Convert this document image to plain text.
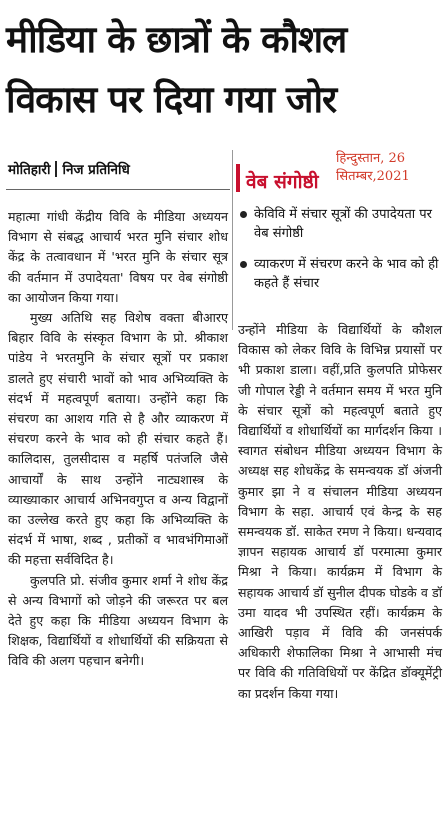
मीडिया के छात्रों के कौशल
विकास पर दिया गया जोर
मोतिहारी निज प्रतिनिधि
हिन्दुस्तान, 26
सितम्बर,2021
वेब संगोष्ठी
केविवि में संचार सूत्रों की उपादेयता पर वेब संगोष्ठी
व्याकरण में संचरण करने के भाव को ही कहते हैं संचार

महात्मा गांधी केंद्रीय विवि के मीडिया अध्ययन विभाग से संबद्ध आचार्य भरत मुनि संचार शोध केंद्र के तत्वावधान में 'भरत मुनि के संचार सूत्र की वर्तमान में उपादेयता' विषय पर वेब संगोष्ठी का आयोजन किया गया।

मुख्य अतिथि सह विशेष वक्ता बीआरए बिहार विवि के संस्कृत विभाग के प्रो. श्रीकाश पांडेय ने भरतमुनि के संचार सूत्रों पर प्रकाश डालते हुए संचारी भावों को भाव अभिव्यक्ति के संदर्भ में महत्वपूर्ण बताया। उन्होंने कहा कि संचरण का आशय गति से है और व्याकरण में संचरण करने के भाव को ही संचार कहते हैं।कालिदास, तुलसीदास व महर्षि पतंजलि जैसे आचार्यों के साथ उन्होंने नाट्यशास्त्र के व्याख्याकार आचार्य अभिनवगुप्त व अन्य विद्वानों का उल्लेख करते हुए कहा कि अभिव्यक्ति के संदर्भ में भाषा, शब्द , प्रतीकों व भावभंगिमाओं की महत्ता सर्वविदित है।

कुलपति प्रो. संजीव कुमार शर्मा ने शोध केंद्र से अन्य विभागों को जोड़ने की जरूरत पर बल देते हुए कहा कि मीडिया अध्ययन विभाग के शिक्षक, विद्यार्थियों व शोधार्थियों की सक्रियता से विवि की अलग पहचान बनेगी।

उन्होंने मीडिया के विद्यार्थियों के कौशल विकास को लेकर विवि के विभिन्न प्रयासों पर भी प्रकाश डाला। वहीं,प्रति कुलपति प्रोफेसर जी गोपाल रेड्डी ने वर्तमान समय में भरत मुनि के संचार सूत्रों को महत्वपूर्ण बताते हुए विद्यार्थियों व शोधार्थियों का मार्गदर्शन किया । स्वागत संबोधन मीडिया अध्ययन विभाग के अध्यक्ष सह शोधकेंद्र के समन्वयक डॉ अंजनी कुमार झा ने व संचालन मीडिया अध्ययन विभाग के सहा. आचार्य एवं केन्द्र के सह समन्वयक डॉ. साकेत रमण ने किया। धन्यवाद ज्ञापन सहायक आचार्य डॉ परमात्मा कुमार मिश्रा ने किया। कार्यक्रम में विभाग के सहायक आचार्य डॉ सुनील दीपक घोडके व डॉ उमा यादव भी उपस्थित रहीं। कार्यक्रम के आखिरी पड़ाव में विवि की जनसंपर्क अधिकारी शेफालिका मिश्रा ने आभासी मंच पर विवि की गतिविधियों पर केंद्रित डॉक्यूमेंट्री का प्रदर्शन किया गया।
